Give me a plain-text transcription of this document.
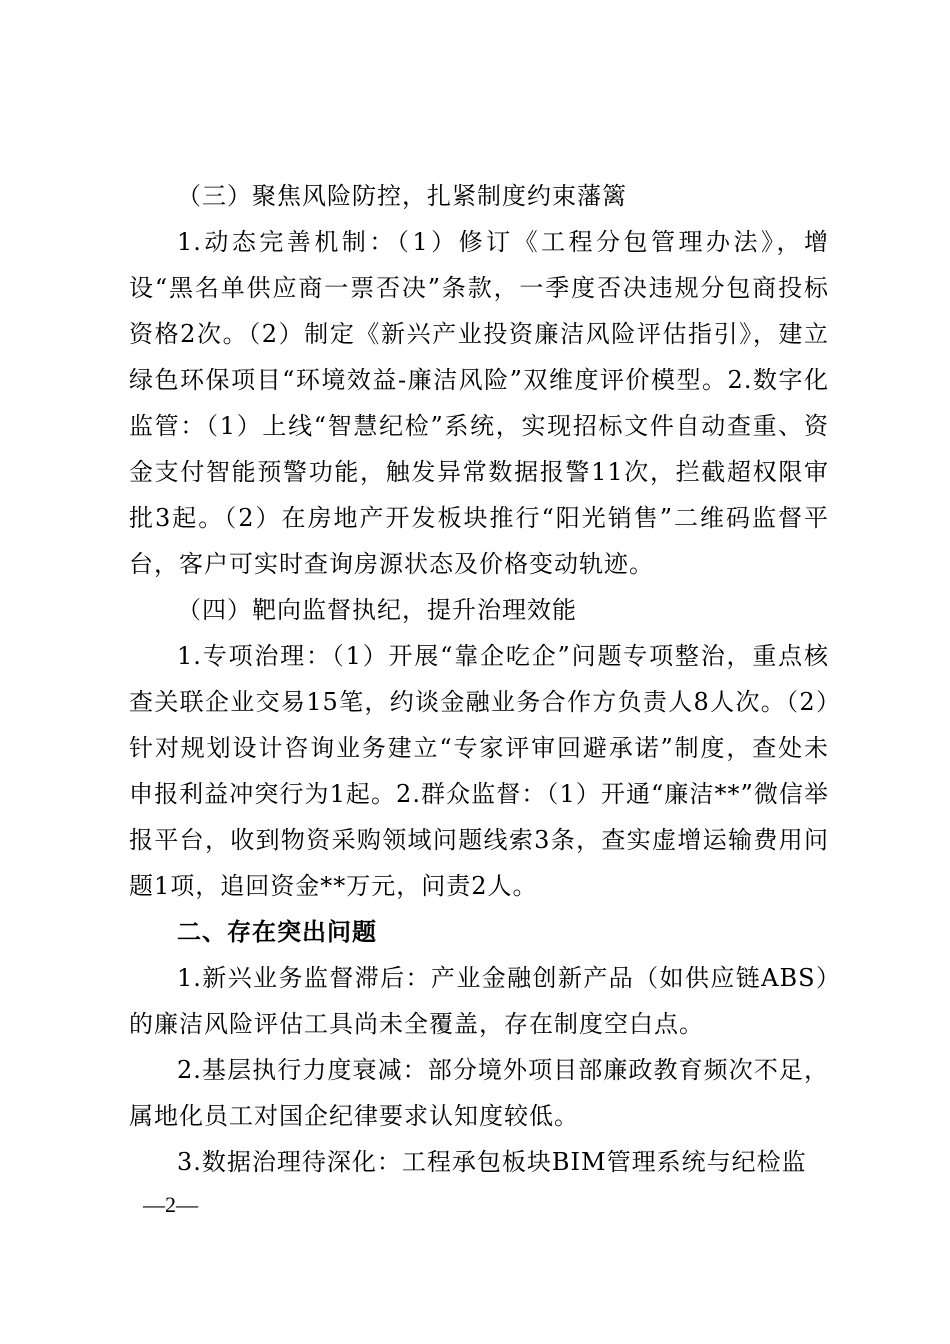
（三）聚焦风险防控，扎紧制度约束藩篱

1.动态完善机制：（1）修订《工程分包管理办法》，增设“黑名单供应商一票否决”条款，一季度否决违规分包商投标资格2次。（2）制定《新兴产业投资廉洁风险评估指引》，建立绿色环保项目“环境效益-廉洁风险”双维度评价模型。2.数字化监管：（1）上线“智慧纪检”系统，实现招标文件自动查重、资金支付智能预警功能，触发异常数据报警11次，拦截超权限审批3起。（2）在房地产开发板块推行“阳光销售”二维码监督平台，客户可实时查询房源状态及价格变动轨迹。

（四）靶向监督执纪，提升治理效能

1.专项治理：（1）开展“靠企吃企”问题专项整治，重点核查关联企业交易15笔，约谈金融业务合作方负责人8人次。（2）针对规划设计咨询业务建立“专家评审回避承诺”制度，查处未申报利益冲突行为1起。2.群众监督：（1）开通“廉洁**”微信举报平台，收到物资采购领域问题线索3条，查实虚增运输费用问题1项，追回资金**万元，问责2人。

二、存在突出问题

1.新兴业务监督滞后：产业金融创新产品（如供应链ABS）的廉洁风险评估工具尚未全覆盖，存在制度空白点。

2.基层执行力度衰减：部分境外项目部廉政教育频次不足，属地化员工对国企纪律要求认知度较低。

3.数据治理待深化：工程承包板块BIM管理系统与纪检监

—2—
